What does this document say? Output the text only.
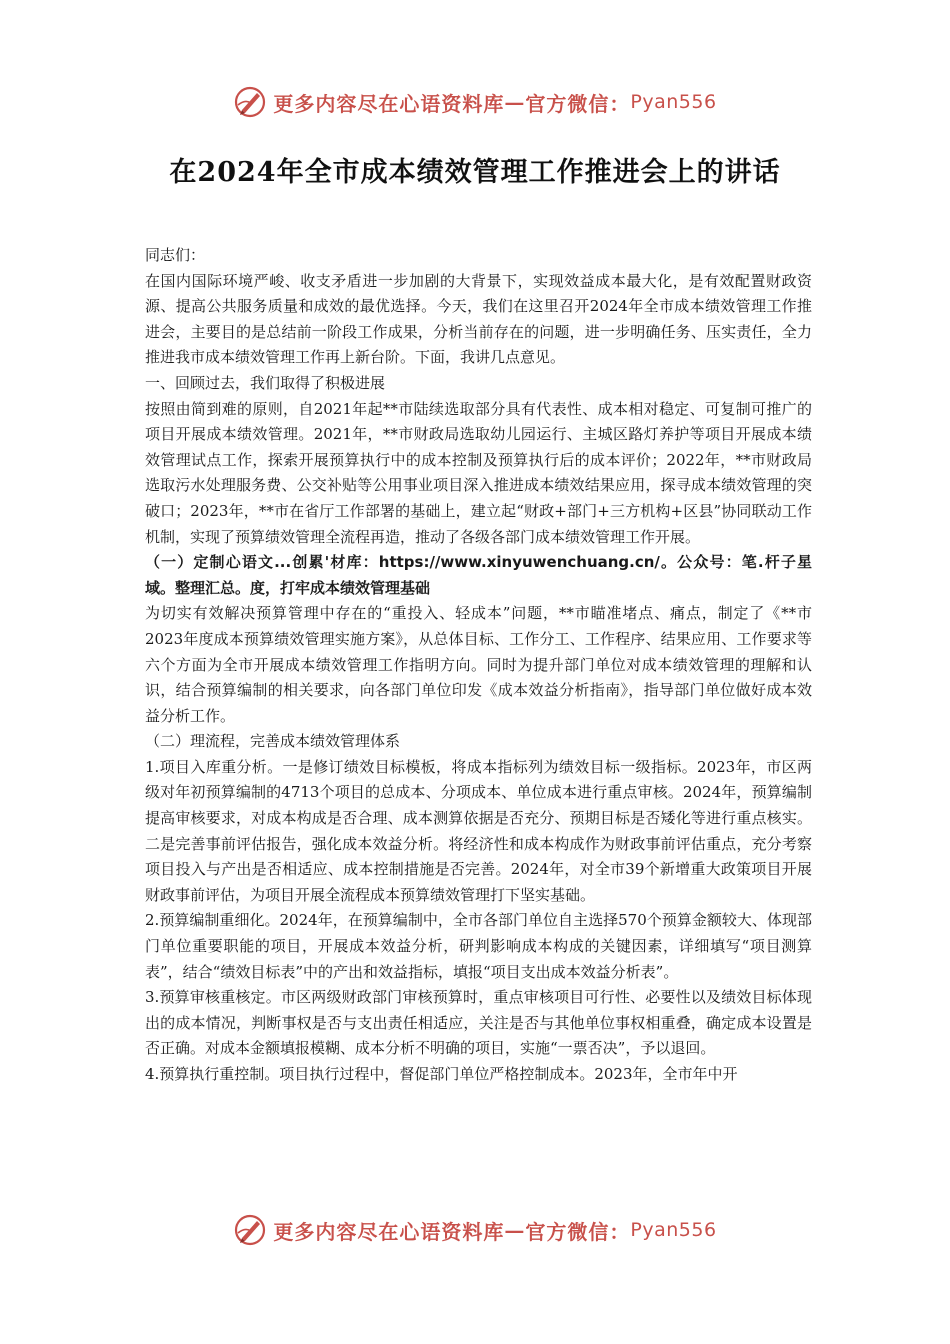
更多内容尽在心语资料库 — 官方微信： Pyan556
在2024年全市成本绩效管理工作推进会上的讲话

同志们：

在国内国际环境严峻、收支矛盾进一步加剧的大背景下，实现效益成本最大化，是有效配置财政资源、提高公共服务质量和成效的最优选择。今天，我们在这里召开2024年全市成本绩效管理工作推进会，主要目的是总结前一阶段工作成果，分析当前存在的问题，进一步明确任务、压实责任，全力推进我市成本绩效管理工作再上新台阶。下面，我讲几点意见。

一、回顾过去，我们取得了积极进展

按照由简到难的原则，自2021年起**市陆续选取部分具有代表性、成本相对稳定、可复制可推广的项目开展成本绩效管理。2021年，**市财政局选取幼儿园运行、主城区路灯养护等项目开展成本绩效管理试点工作，探索开展预算执行中的成本控制及预算执行后的成本评价；2022年，**市财政局选取污水处理服务费、公交补贴等公用事业项目深入推进成本绩效结果应用，探寻成本绩效管理的突破口；2023年，**市在省厅工作部署的基础上，建立起“财政+部门+三方机构+区县”协同联动工作机制，实现了预算绩效管理全流程再造，推动了各级各部门成本绩效管理工作开展。

（一）定制心语文...创累'材库：https://www.xinyuwenchuang.cn/。公众号：笔.杆子星域。整理汇总。度，打牢成本绩效管理基础

为切实有效解决预算管理中存在的“重投入、轻成本”问题，**市瞄准堵点、痛点，制定了《**市2023年度成本预算绩效管理实施方案》，从总体目标、工作分工、工作程序、结果应用、工作要求等六个方面为全市开展成本绩效管理工作指明方向。同时为提升部门单位对成本绩效管理的理解和认识，结合预算编制的相关要求，向各部门单位印发《成本效益分析指南》，指导部门单位做好成本效益分析工作。

（二）理流程，完善成本绩效管理体系

1.项目入库重分析。一是修订绩效目标模板，将成本指标列为绩效目标一级指标。2023年，市区两级对年初预算编制的4713个项目的总成本、分项成本、单位成本进行重点审核。2024年，预算编制提高审核要求，对成本构成是否合理、成本测算依据是否充分、预期目标是否矮化等进行重点核实。二是完善事前评估报告，强化成本效益分析。将经济性和成本构成作为财政事前评估重点，充分考察项目投入与产出是否相适应、成本控制措施是否完善。2024年，对全市39个新增重大政策项目开展财政事前评估，为项目开展全流程成本预算绩效管理打下坚实基础。

2.预算编制重细化。2024年，在预算编制中，全市各部门单位自主选择570个预算金额较大、体现部门单位重要职能的项目，开展成本效益分析，研判影响成本构成的关键因素，详细填写“项目测算表”，结合“绩效目标表”中的产出和效益指标，填报“项目支出成本效益分析表”。

3.预算审核重核定。市区两级财政部门审核预算时，重点审核项目可行性、必要性以及绩效目标体现出的成本情况，判断事权是否与支出责任相适应，关注是否与其他单位事权相重叠，确定成本设置是否正确。对成本金额填报模糊、成本分析不明确的项目，实施“一票否决”，予以退回。

4.预算执行重控制。项目执行过程中，督促部门单位严格控制成本。2023年，全市年中开

更多内容尽在心语资料库 — 官方微信： Pyan556
